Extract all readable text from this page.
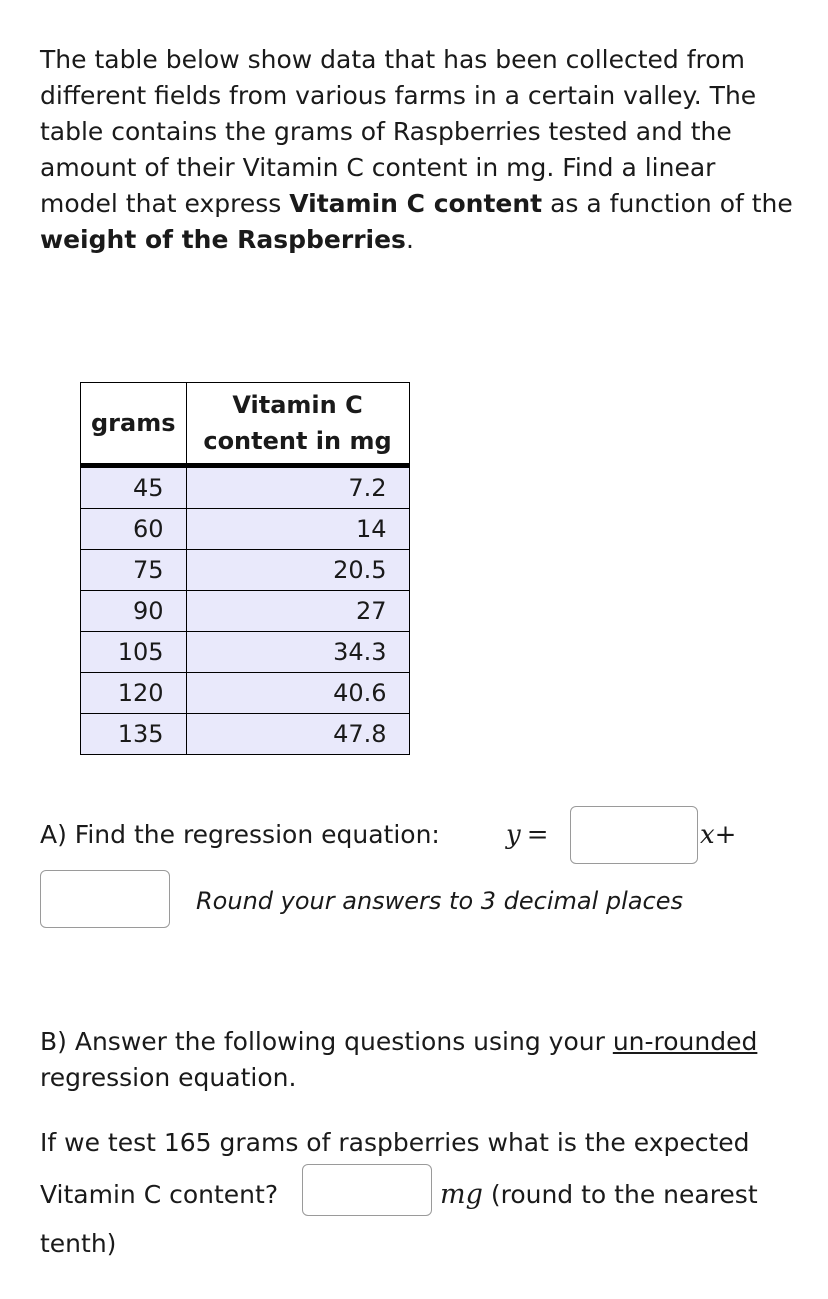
The table below show data that has been collected from different fields from various farms in a certain valley. The table contains the grams of Raspberries tested and the amount of their Vitamin C content in mg. Find a linear model that express Vitamin C content as a function of the weight of the Raspberries.

grams	Vitamin C content in mg
45	7.2
60	14
75	20.5
90	27
105	34.3
120	40.6
135	47.8
A) Find the regression equation:	y =	x+
Round your answers to 3 decimal places

B) Answer the following questions using your un-rounded regression equation.

If we test 165 grams of raspberries what is the expected
Vitamin C content?	mg (round to the nearest
tenth)
